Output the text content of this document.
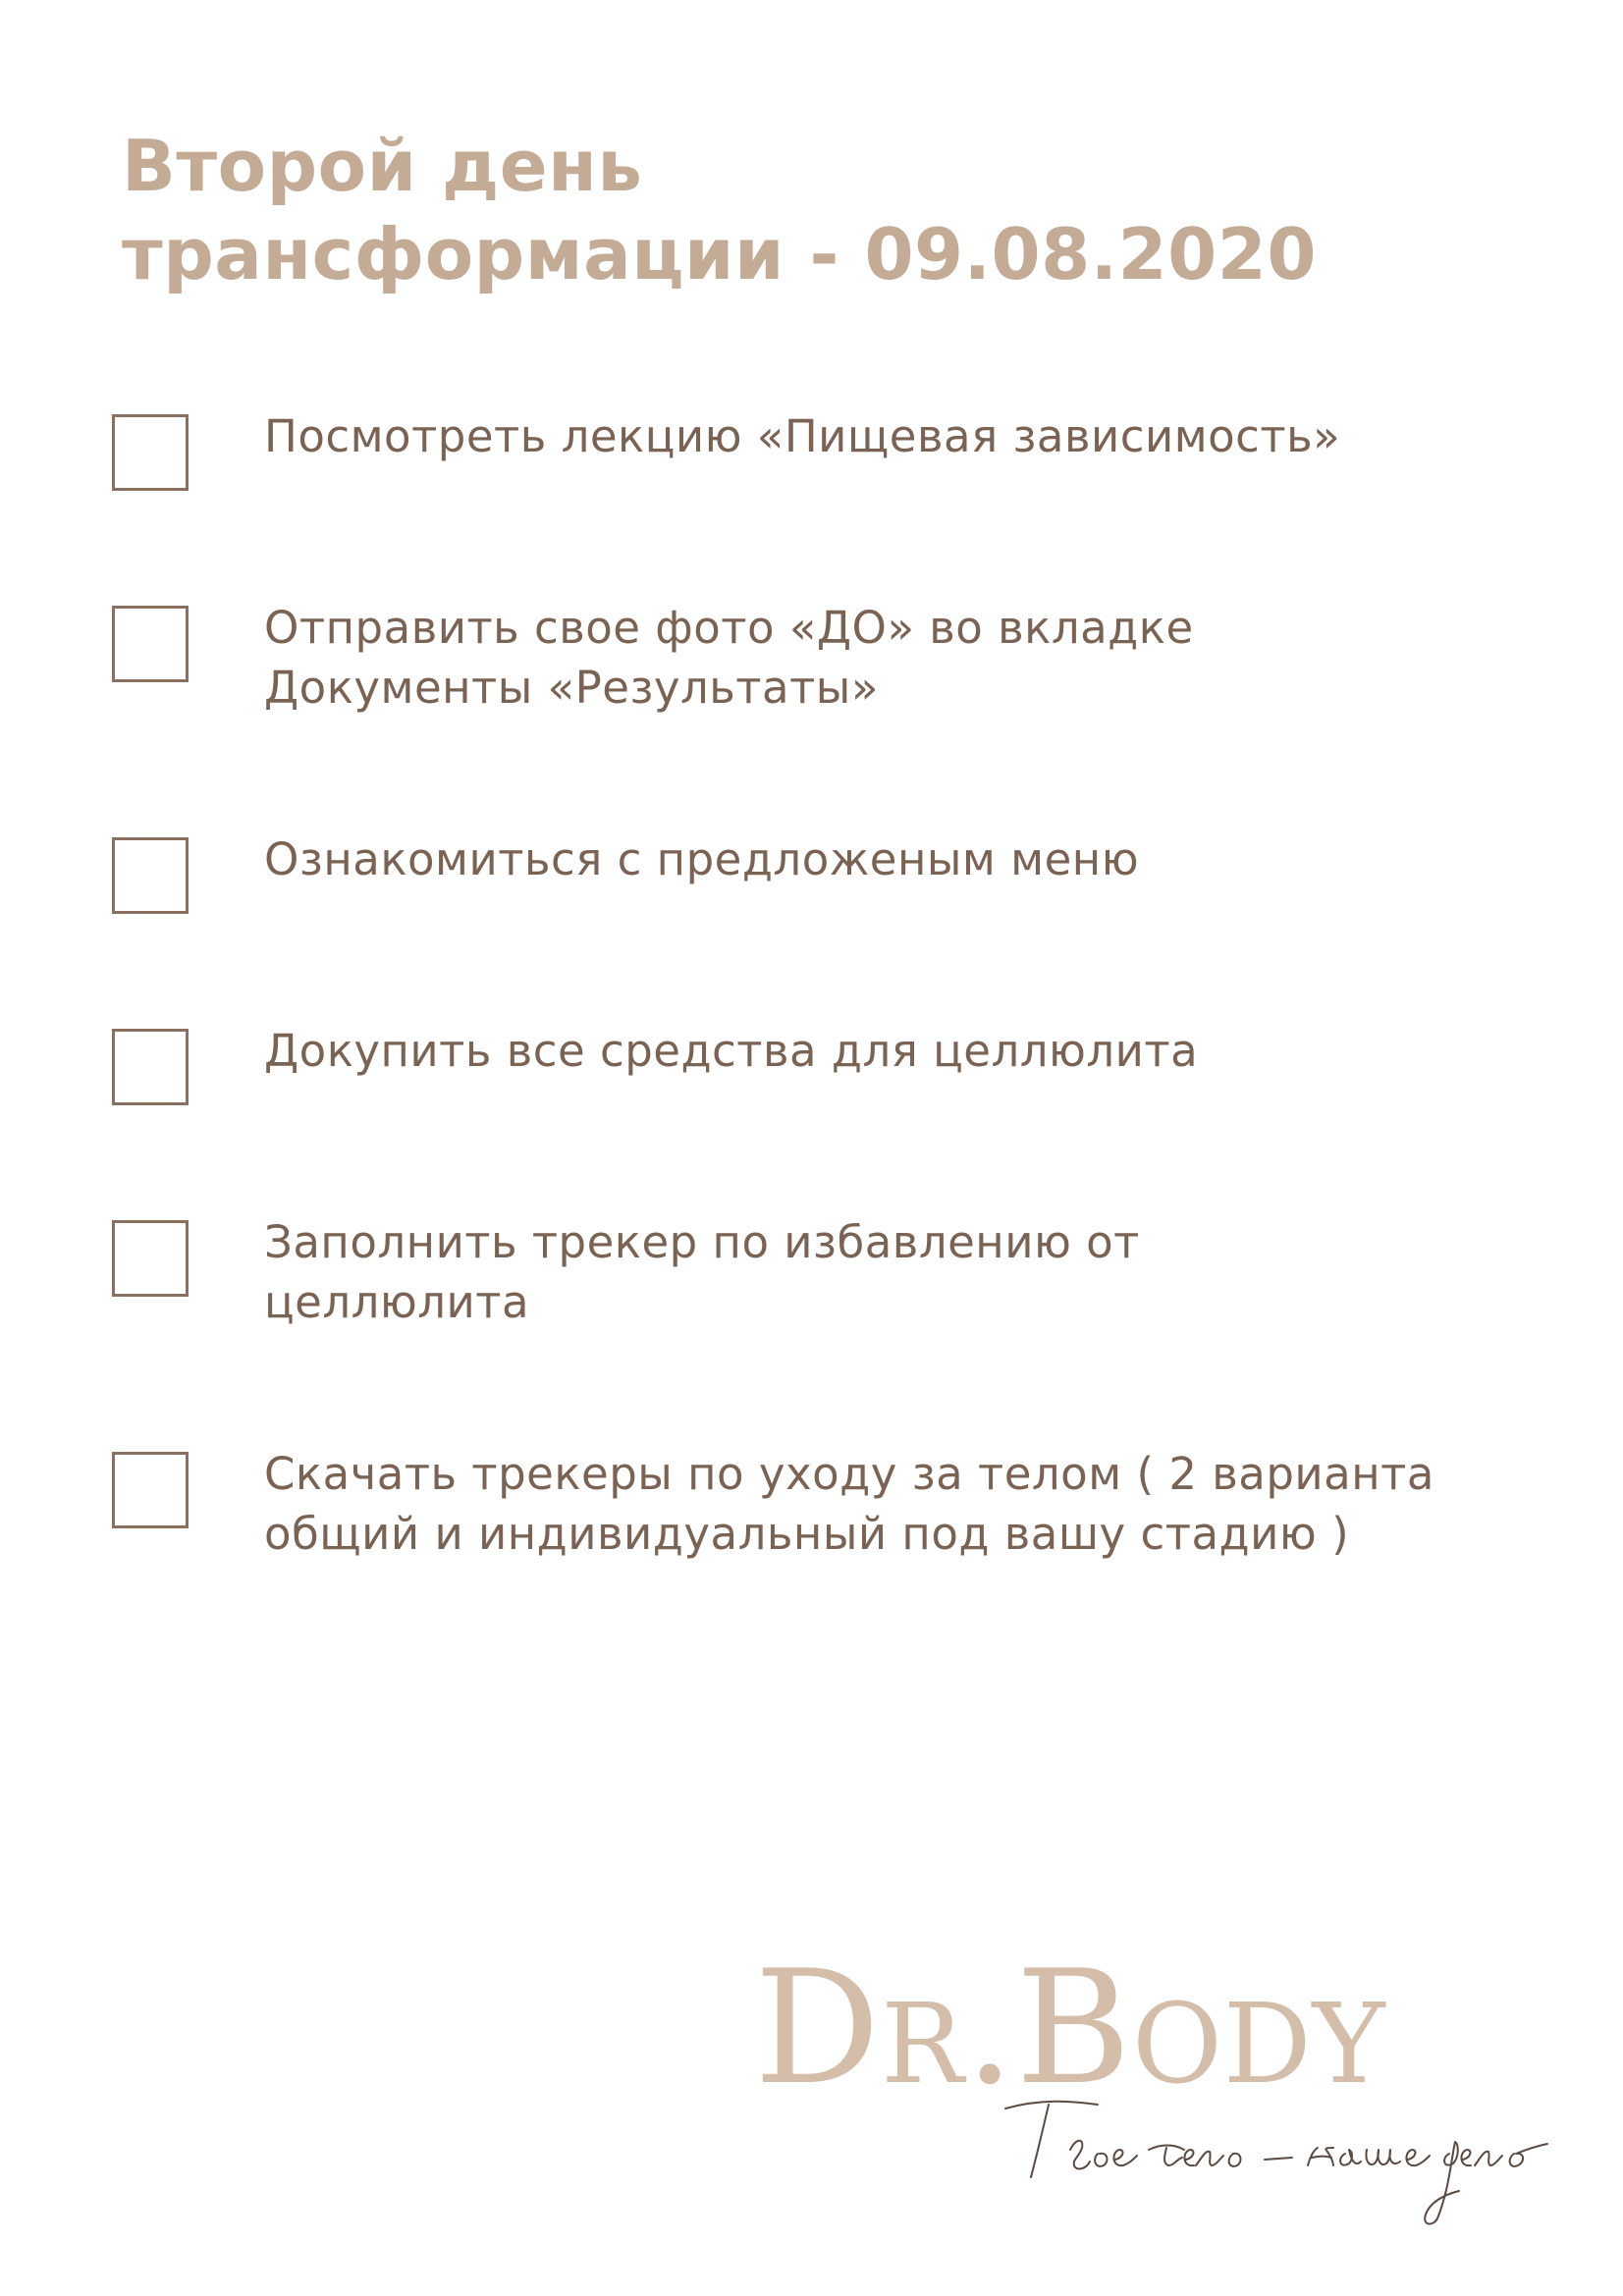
Второй день
трансформации - 09.08.2020
Посмотреть лекцию «Пищевая зависимость»
Отправить свое фото «ДО» во вкладке
Документы «Результаты»
Ознакомиться с предложеным меню
Докупить все средства для целлюлита
Заполнить трекер по избавлению от
целлюлита
Скачать трекеры по уходу за телом ( 2 варианта
общий и индивидуальный под вашу стадию )
DR.BODY
